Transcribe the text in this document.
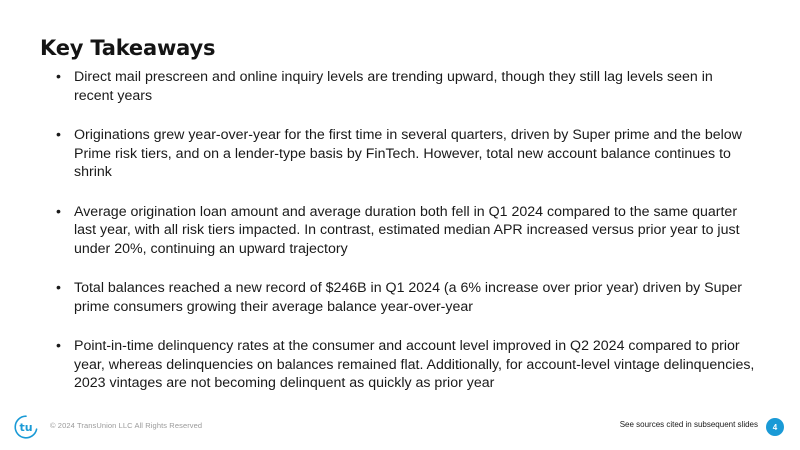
Key Takeaways
• Direct mail prescreen and online inquiry levels are trending upward, though they still lag levels seen in recent years
• Originations grew year-over-year for the first time in several quarters, driven by Super prime and the below Prime risk tiers, and on a lender-type basis by FinTech. However, total new account balance continues to shrink
• Average origination loan amount and average duration both fell in Q1 2024 compared to the same quarter last year, with all risk tiers impacted. In contrast, estimated median APR increased versus prior year to just under 20%, continuing an upward trajectory
• Total balances reached a new record of $246B in Q1 2024 (a 6% increase over prior year) driven by Super prime consumers growing their average balance year-over-year
• Point-in-time delinquency rates at the consumer and account level improved in Q2 2024 compared to prior year, whereas delinquencies on balances remained flat. Additionally, for account-level vintage delinquencies, 2023 vintages are not becoming delinquent as quickly as prior year
tu © 2024 TransUnion LLC All Rights Reserved	See sources cited in subsequent slides	4
